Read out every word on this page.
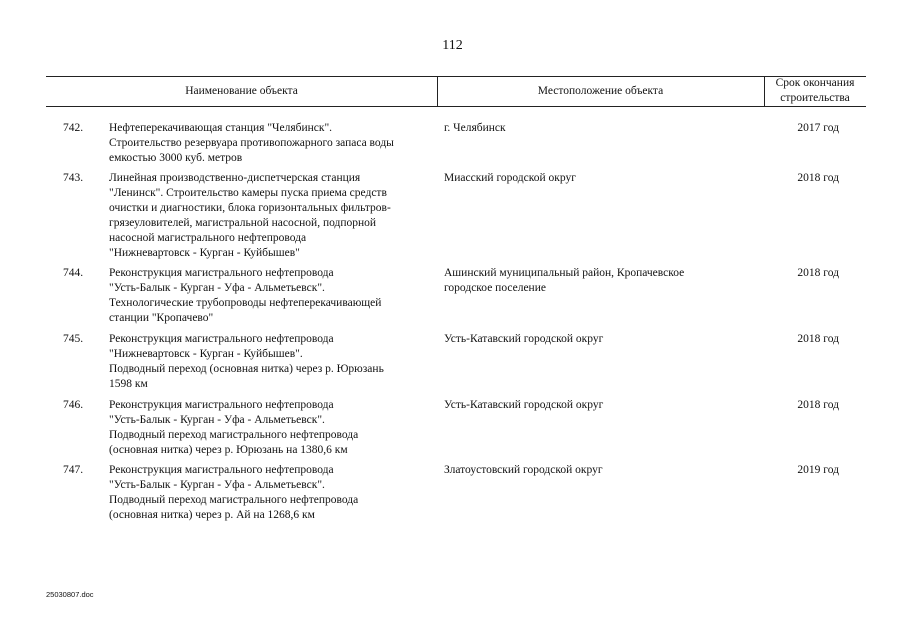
112
Наименование объекта	Местоположение объекта
Срок окончания
строительства
742. Нефтеперекачивающая станция "Челябинск".
Строительство резервуара противопожарного запаса воды
емкостью 3000 куб. метров
г. Челябинск	2017 год
743. Линейная производственно-диспетчерская станция
"Ленинск". Строительство камеры пуска приема средств
очистки и диагностики, блока горизонтальных фильтров-
грязеуловителей, магистральной насосной, подпорной
насосной магистрального нефтепровода
"Нижневартовск - Курган - Куйбышев"
Миасский городской округ	2018 год
744. Реконструкция магистрального нефтепровода
"Усть-Балык - Курган - Уфа - Альметьевск".
Технологические трубопроводы нефтеперекачивающей
станции "Кропачево"
Ашинский муниципальный район, Кропачевское
городское поселение
2018 год
745. Реконструкция магистрального нефтепровода
"Нижневартовск - Курган - Куйбышев".
Подводный переход (основная нитка) через р. Юрюзань
1598 км
Усть-Катавский городской округ	2018 год
746. Реконструкция магистрального нефтепровода
"Усть-Балык - Курган - Уфа - Альметьевск".
Подводный переход магистрального нефтепровода
(основная нитка) через р. Юрюзань на 1380,6 км
Усть-Катавский городской округ	2018 год
747. Реконструкция магистрального нефтепровода
"Усть-Балык - Курган - Уфа - Альметьевск".
Подводный переход магистрального нефтепровода
(основная нитка) через р. Ай на 1268,6 км
Златоустовский городской округ	2019 год
25030807.doc
